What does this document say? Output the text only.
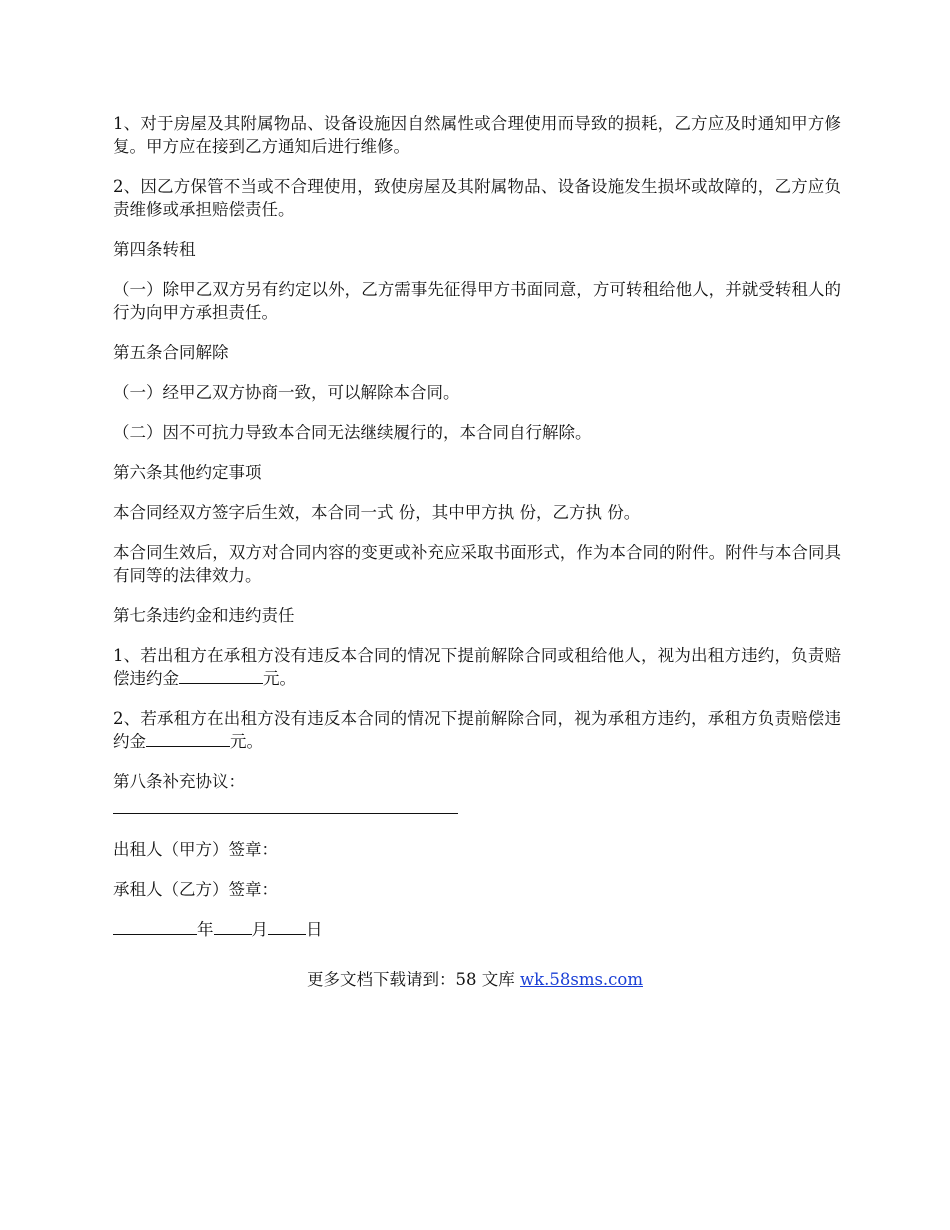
1、对于房屋及其附属物品、设备设施因自然属性或合理使用而导致的损耗，乙方应及时通知甲方修复。甲方应在接到乙方通知后进行维修。

2、因乙方保管不当或不合理使用，致使房屋及其附属物品、设备设施发生损坏或故障的，乙方应负责维修或承担赔偿责任。

第四条转租

（一）除甲乙双方另有约定以外，乙方需事先征得甲方书面同意，方可转租给他人，并就受转租人的行为向甲方承担责任。

第五条合同解除

（一）经甲乙双方协商一致，可以解除本合同。

（二）因不可抗力导致本合同无法继续履行的，本合同自行解除。

第六条其他约定事项

本合同经双方签字后生效，本合同一式 份，其中甲方执 份，乙方执 份。

本合同生效后，双方对合同内容的变更或补充应采取书面形式，作为本合同的附件。附件与本合同具有同等的法律效力。

第七条违约金和违约责任

1、若出租方在承租方没有违反本合同的情况下提前解除合同或租给他人，视为出租方违约，负责赔偿违约金	元。

2、若承租方在出租方没有违反本合同的情况下提前解除合同，视为承租方违约，承租方负责赔偿违约金	元。

第八条补充协议：

出租人（甲方）签章：

承租人（乙方）签章：

年 月 日

更多文档下载请到：58 文库 wk.58sms.com
